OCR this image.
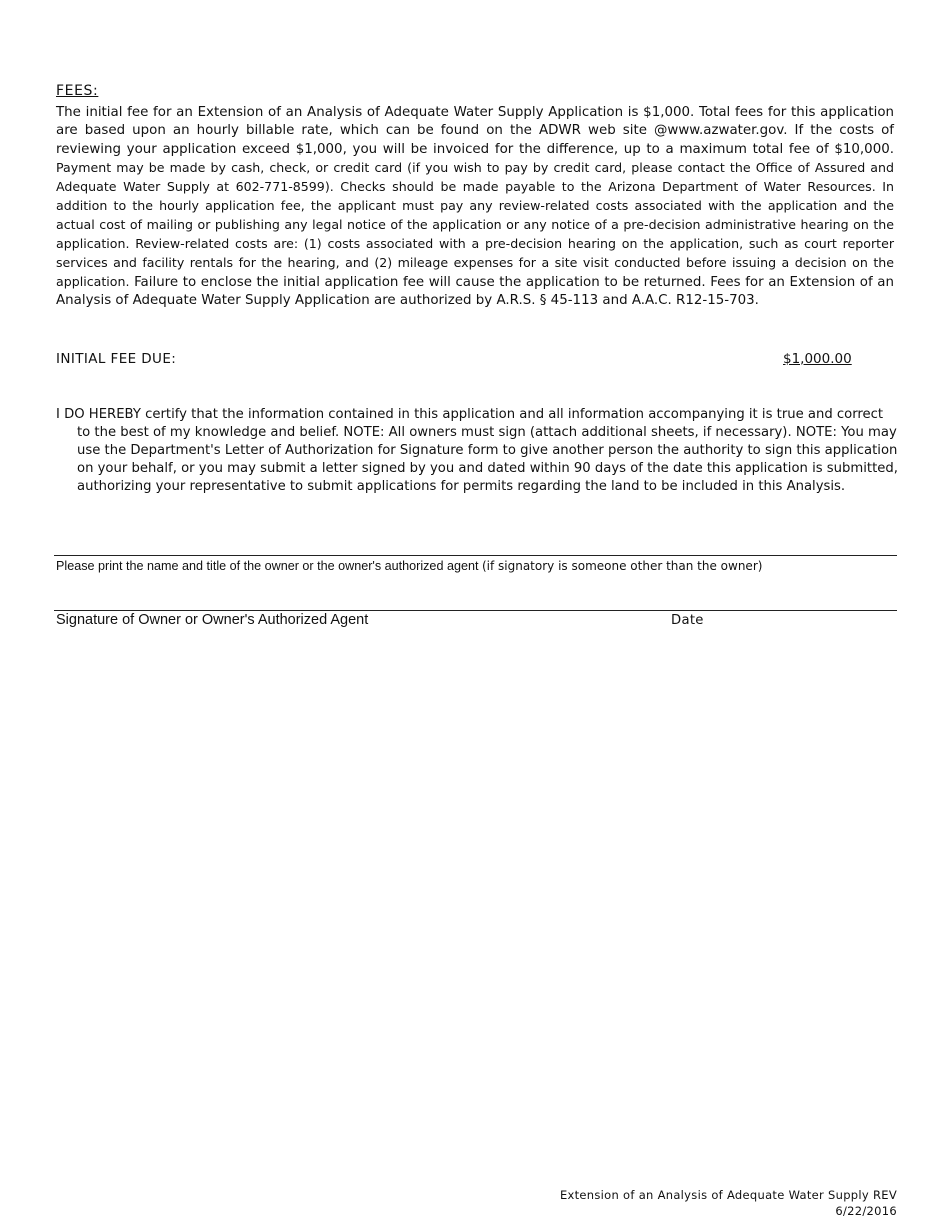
FEES:
The initial fee for an Extension of an Analysis of Adequate Water Supply Application is $1,000. Total fees for this application are based upon an hourly billable rate, which can be found on the ADWR web site @www.azwater.gov. If the costs of reviewing your application exceed $1,000, you will be invoiced for the difference, up to a maximum total fee of $10,000. Payment may be made by cash, check, or credit card (if you wish to pay by credit card, please contact the Office of Assured and Adequate Water Supply at 602-771-8599). Checks should be made payable to the Arizona Department of Water Resources. In addition to the hourly application fee, the applicant must pay any review-related costs associated with the application and the actual cost of mailing or publishing any legal notice of the application or any notice of a pre-decision administrative hearing on the application. Review-related costs are: (1) costs associated with a pre-decision hearing on the application, such as court reporter services and facility rentals for the hearing, and (2) mileage expenses for a site visit conducted before issuing a decision on the application. Failure to enclose the initial application fee will cause the application to be returned. Fees for an Extension of an Analysis of Adequate Water Supply Application are authorized by A.R.S. § 45-113 and A.A.C. R12-15-703.
INITIAL FEE DUE:	$1,000.00
I DO HEREBY certify that the information contained in this application and all information accompanying it is true and correct to the best of my knowledge and belief. NOTE: All owners must sign (attach additional sheets, if necessary). NOTE: You may use the Department's Letter of Authorization for Signature form to give another person the authority to sign this application on your behalf, or you may submit a letter signed by you and dated within 90 days of the date this application is submitted, authorizing your representative to submit applications for permits regarding the land to be included in this Analysis.
Please print the name and title of the owner or the owner's authorized agent (if signatory is someone other than the owner)
Signature of Owner or Owner's Authorized Agent	Date
Extension of an Analysis of Adequate Water Supply REV 6/22/2016
